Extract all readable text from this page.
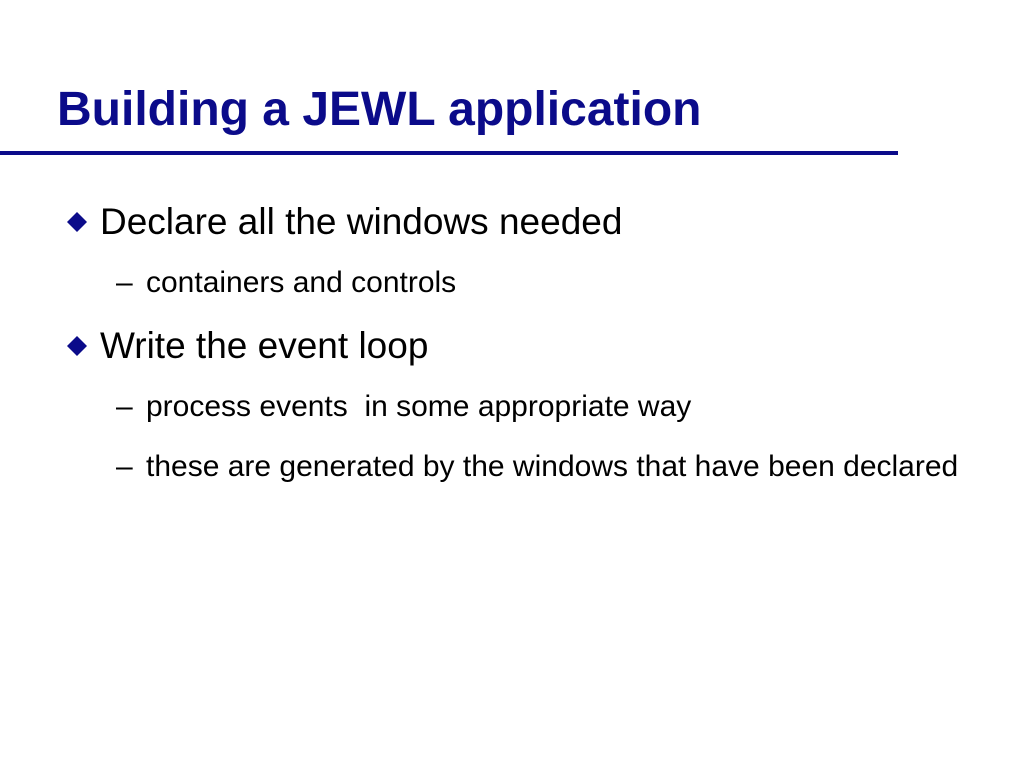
Building a JEWL application
Declare all the windows needed
– containers and controls
Write the event loop
– process events  in some appropriate way
– these are generated by the windows that have been declared
